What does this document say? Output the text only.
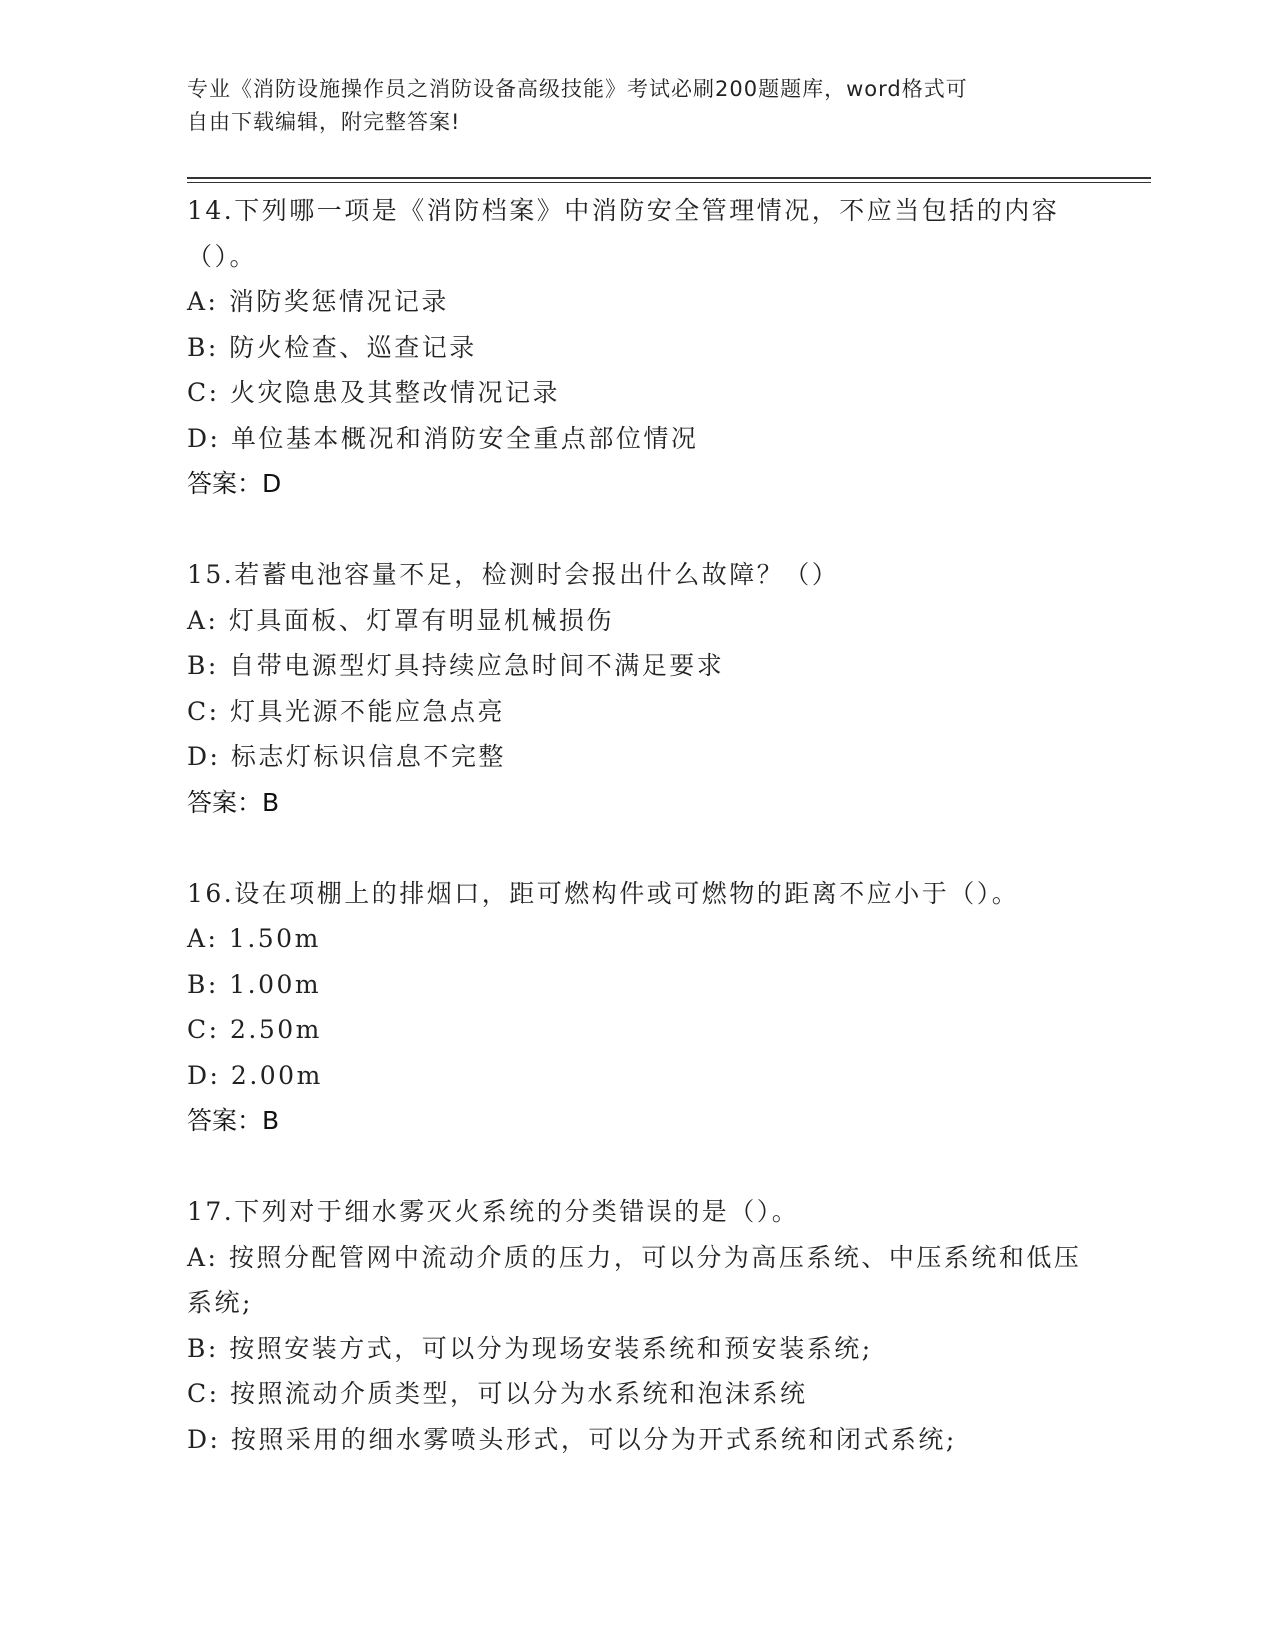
专业《消防设施操作员之消防设备高级技能》考试必刷200题题库，word格式可
自由下载编辑，附完整答案!

14.下列哪一项是《消防档案》中消防安全管理情况，不应当包括的内容（）。

A: 消防奖惩情况记录

B: 防火检查、巡查记录

C: 火灾隐患及其整改情况记录

D: 单位基本概况和消防安全重点部位情况

答案：D

15.若蓄电池容量不足，检测时会报出什么故障？（）

A: 灯具面板、灯罩有明显机械损伤

B: 自带电源型灯具持续应急时间不满足要求

C: 灯具光源不能应急点亮

D: 标志灯标识信息不完整

答案：B

16.设在项棚上的排烟口，距可燃构件或可燃物的距离不应小于（）。

A: 1.50m

B: 1.00m

C: 2.50m

D: 2.00m

答案：B

17.下列对于细水雾灭火系统的分类错误的是（）。

A: 按照分配管网中流动介质的压力，可以分为高压系统、中压系统和低压系统;

B: 按照安装方式，可以分为现场安装系统和预安装系统;

C: 按照流动介质类型，可以分为水系统和泡沫系统

D: 按照采用的细水雾喷头形式，可以分为开式系统和闭式系统;
